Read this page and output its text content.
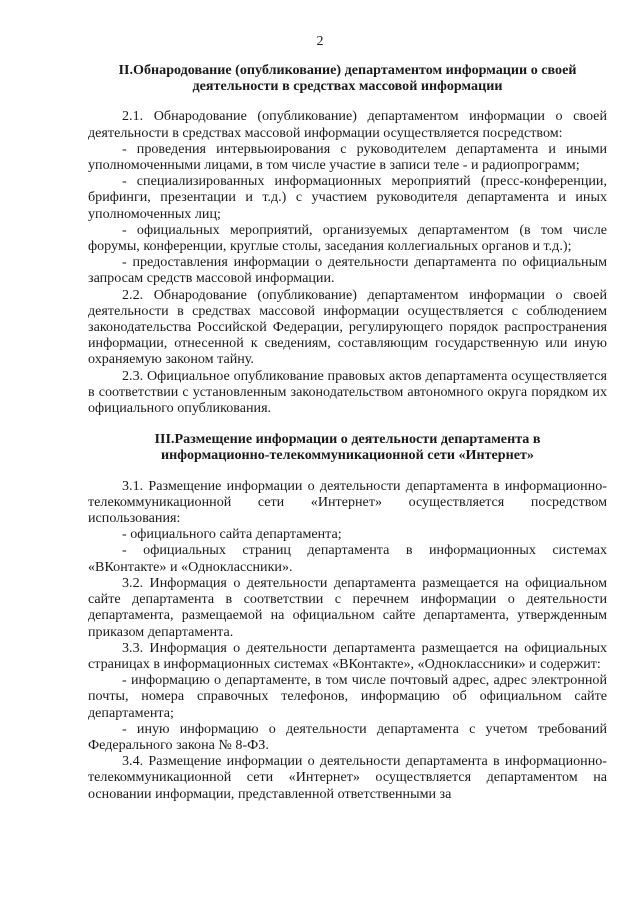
2

II.Обнародование (опубликование) департаментом информации о своей деятельности в средствах массовой информации

2.1. Обнародование (опубликование) департаментом информации о своей деятельности в средствах массовой информации осуществляется посредством:

- проведения интервьюирования с руководителем департамента и иными уполномоченными лицами, в том числе участие в записи теле - и радиопрограмм;

- специализированных информационных мероприятий (пресс-конференции, брифинги, презентации и т.д.) с участием руководителя департамента и иных уполномоченных лиц;

- официальных мероприятий, организуемых департаментом (в том числе форумы, конференции, круглые столы, заседания коллегиальных органов и т.д.);

- предоставления информации о деятельности департамента по официальным запросам средств массовой информации.

2.2. Обнародование (опубликование) департаментом информации о своей деятельности в средствах массовой информации осуществляется с соблюдением законодательства Российской Федерации, регулирующего порядок распространения информации, отнесенной к сведениям, составляющим государственную или иную охраняемую законом тайну.

2.3. Официальное опубликование правовых актов департамента осуществляется в соответствии с установленным законодательством автономного округа порядком их официального опубликования.

III.Размещение информации о деятельности департамента в информационно-телекоммуникационной сети «Интернет»

3.1. Размещение информации о деятельности департамента в информационно-телекоммуникационной сети «Интернет» осуществляется посредством использования:

- официального сайта департамента;

- официальных страниц департамента в информационных системах «ВКонтакте» и «Одноклассники».

3.2. Информация о деятельности департамента размещается на официальном сайте департамента в соответствии с перечнем информации о деятельности департамента, размещаемой на официальном сайте департамента, утвержденным приказом департамента.

3.3. Информация о деятельности департамента размещается на официальных страницах в информационных системах «ВКонтакте», «Одноклассники» и содержит:

- информацию о департаменте, в том числе почтовый адрес, адрес электронной почты, номера справочных телефонов, информацию об официальном сайте департамента;

- иную информацию о деятельности департамента с учетом требований Федерального закона № 8-ФЗ.

3.4. Размещение информации о деятельности департамента в информационно-телекоммуникационной сети «Интернет» осуществляется департаментом на основании информации, представленной ответственными за
